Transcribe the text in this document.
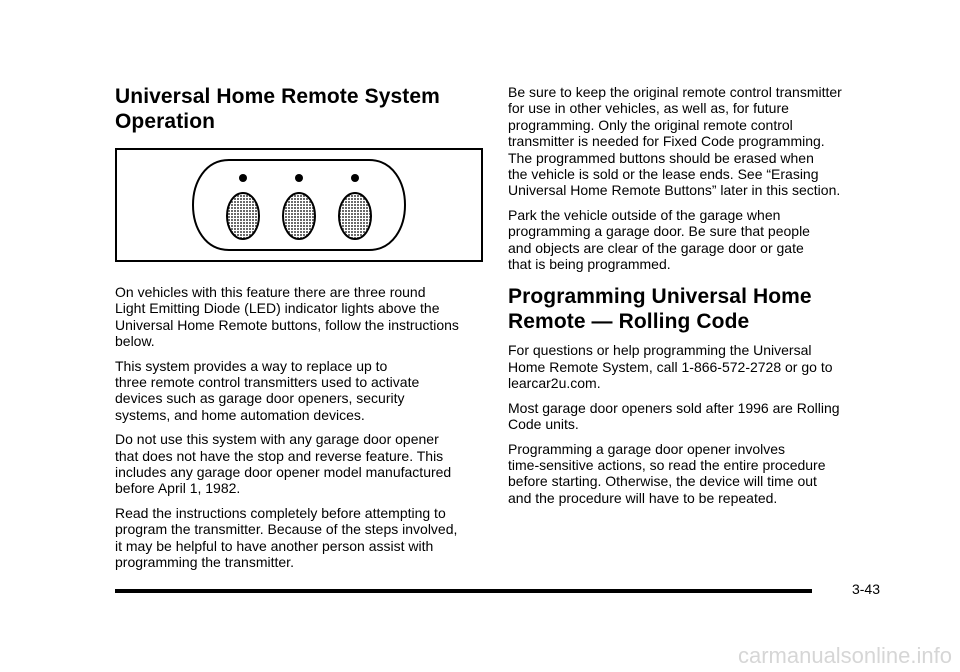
Universal Home Remote System
Operation

On vehicles with this feature there are three round
Light Emitting Diode (LED) indicator lights above the
Universal Home Remote buttons, follow the instructions
below.

This system provides a way to replace up to
three remote control transmitters used to activate
devices such as garage door openers, security
systems, and home automation devices.

Do not use this system with any garage door opener
that does not have the stop and reverse feature. This
includes any garage door opener model manufactured
before April 1, 1982.

Read the instructions completely before attempting to
program the transmitter. Because of the steps involved,
it may be helpful to have another person assist with
programming the transmitter.

Be sure to keep the original remote control transmitter
for use in other vehicles, as well as, for future
programming. Only the original remote control
transmitter is needed for Fixed Code programming.
The programmed buttons should be erased when
the vehicle is sold or the lease ends. See “Erasing
Universal Home Remote Buttons” later in this section.

Park the vehicle outside of the garage when
programming a garage door. Be sure that people
and objects are clear of the garage door or gate
that is being programmed.

Programming Universal Home
Remote — Rolling Code

For questions or help programming the Universal
Home Remote System, call 1-866-572-2728 or go to
learcar2u.com.

Most garage door openers sold after 1996 are Rolling
Code units.

Programming a garage door opener involves
time-sensitive actions, so read the entire procedure
before starting. Otherwise, the device will time out
and the procedure will have to be repeated.

3-43
carmanualsonline.info
